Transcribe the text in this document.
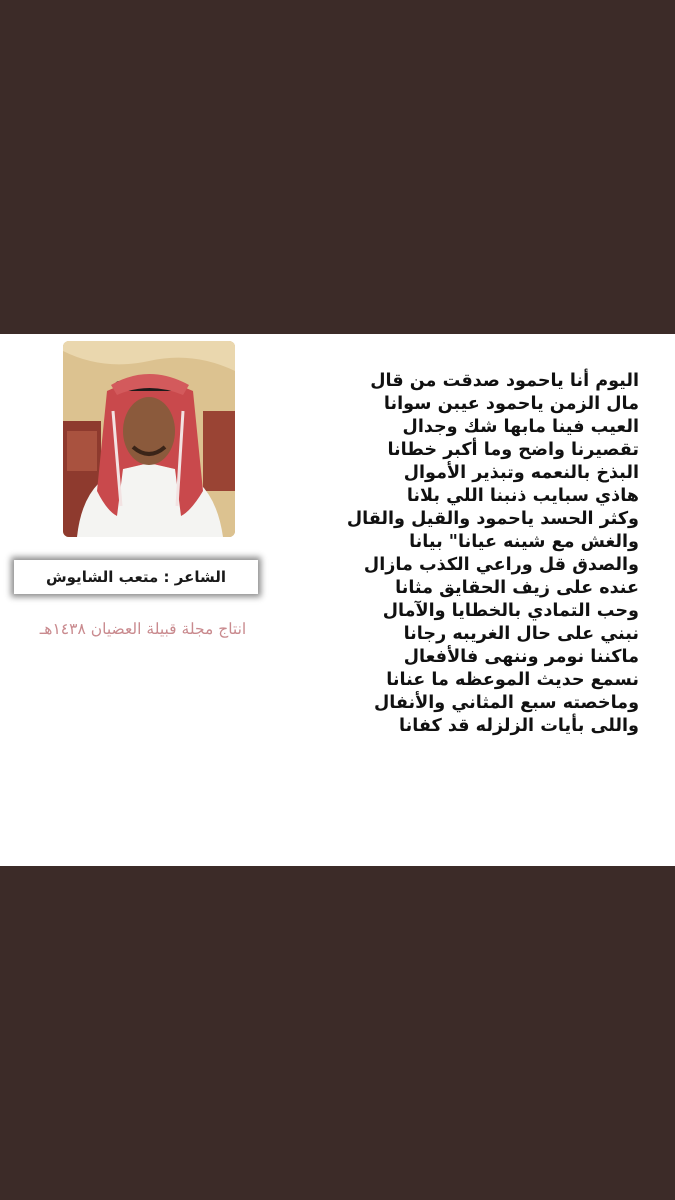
الشاعر : متعب الشايوش
انتاج مجلة قبيلة العضيان ١٤٣٨هـ
اليوم أنا ياحمود صدقت من قال
مال الزمن ياحمود عيبن سوانا
العيب فينا مابها شك وجدال
تقصيرنا واضح وما أكبر خطانا
البذخ بالنعمه وتبذير الأموال
هاذي سبايب ذنبنا اللي بلانا
وكثر الحسد ياحمود والقيل والقال
والغش مع شينه عيانا" بيانا
والصدق قل وراعي الكذب مازال
عنده على زيف الحقايق مثانا
وحب التمادي بالخطايا والآمال
نبني على حال الغريبه رجانا
ماكننا نومر وننهى فالأفعال
نسمع حديث الموعظه ما عنانا
وماخصته سبع المثاني والأنفال
واللى بأيات الزلزله قد كفانا
